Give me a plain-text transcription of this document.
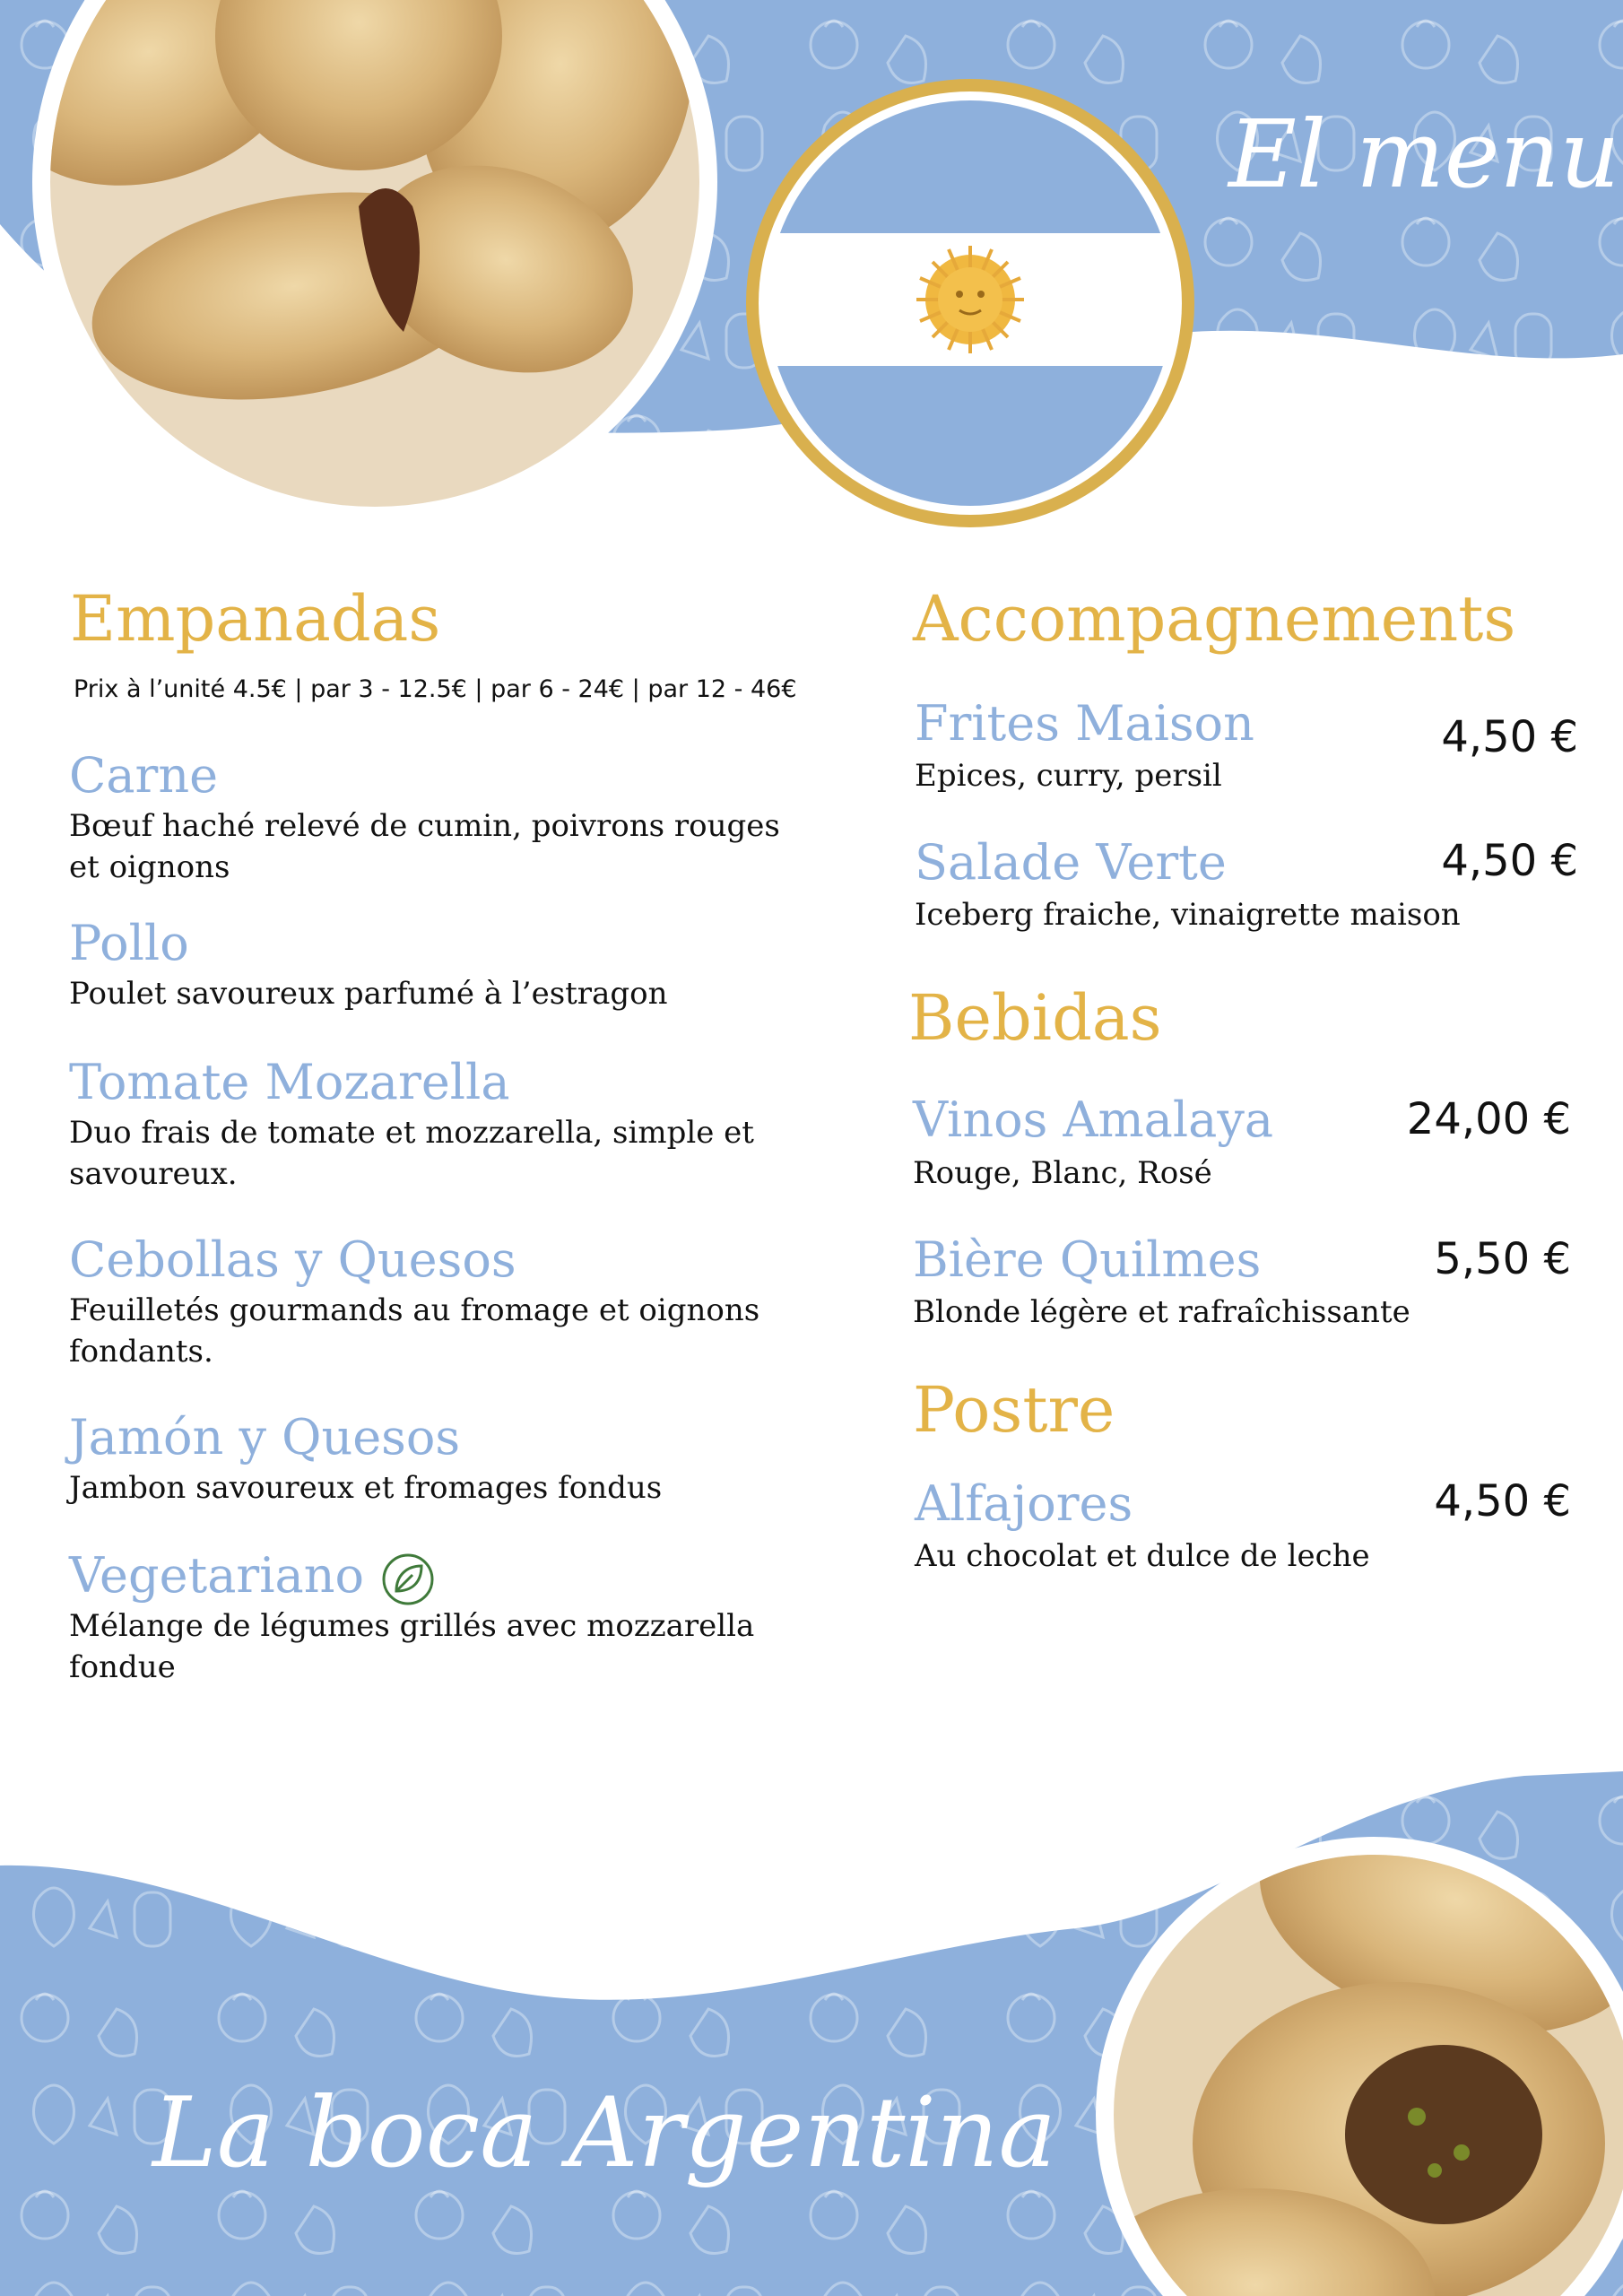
El menu
Empanadas
Prix à l’unité 4.5€ | par 3 - 12.5€ | par 6 - 24€ | par 12 - 46€
Carne
Bœuf haché relevé de cumin, poivrons rouges et oignons
Pollo
Poulet savoureux parfumé à l’estragon
Tomate Mozarella
Duo frais de tomate et mozzarella, simple et savoureux.
Cebollas y Quesos
Feuilletés gourmands au fromage et oignons fondants.
Jamón y Quesos
Jambon savoureux et fromages fondus
Vegetariano
Mélange de légumes grillés avec mozzarella fondue
Accompagnements
Frites Maison	4,50 €
Epices, curry, persil
Salade Verte	4,50 €
Iceberg fraiche, vinaigrette maison
Bebidas
Vinos Amalaya	24,00 €
Rouge, Blanc, Rosé
Bière Quilmes	5,50 €
Blonde légère et rafraîchissante
Postre
Alfajores	4,50 €
Au chocolat et dulce de leche
La boca Argentina
